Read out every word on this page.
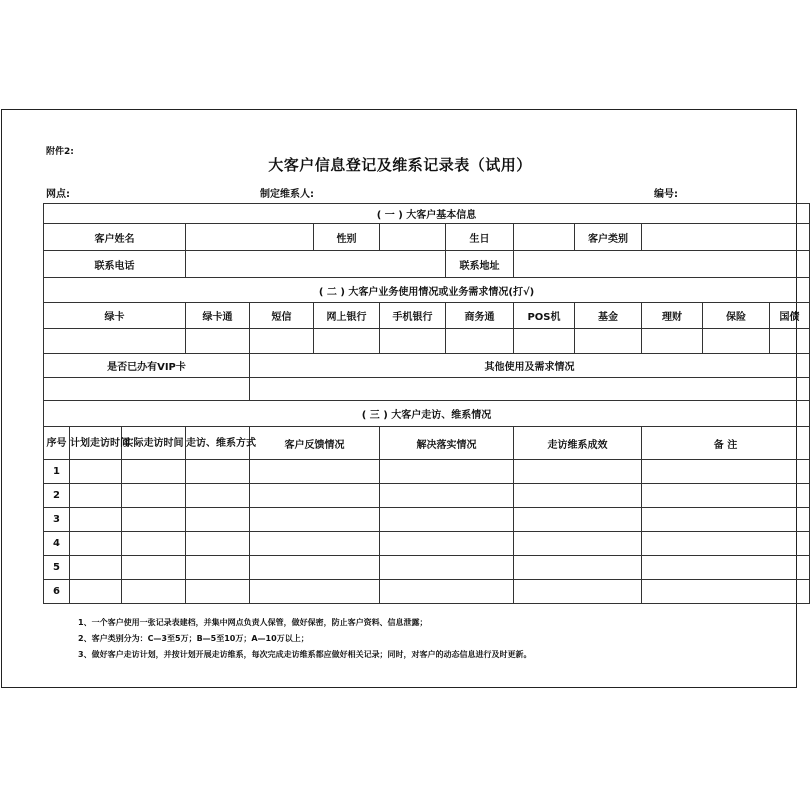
附件2:
大客户信息登记及维系记录表（试用）
网点:	制定维系人:	编号:
( 一 ) 大客户基本信息												
客户姓名					性别		生日		客户类别			
联系电话							联系地址					
( 二 ) 大客户业务使用情况或业务需求情况(打√)												
绿卡			绿卡通	短信	网上银行	手机银行	商务通	POS机	基金	理财	保险	国债

是否已办有VIP卡				其他使用及需求情况								

( 三 ) 大客户走访、维系情况												
序号	计划走访时间	实际走访时间	走访、维系方式	客户反馈情况		解决落实情况		走访维系成效		备 注		
1												
2												
3												
4												
5												
6												
1、一个客户使用一张记录表建档，并集中网点负责人保管，做好保密，防止客户资料、信息泄露；
2、客户类别分为：C—3至5万；B—5至10万；A—10万以上；
3、做好客户走访计划，并按计划开展走访维系，每次完成走访维系都应做好相关记录；同时，对客户的动态信息进行及时更新。
